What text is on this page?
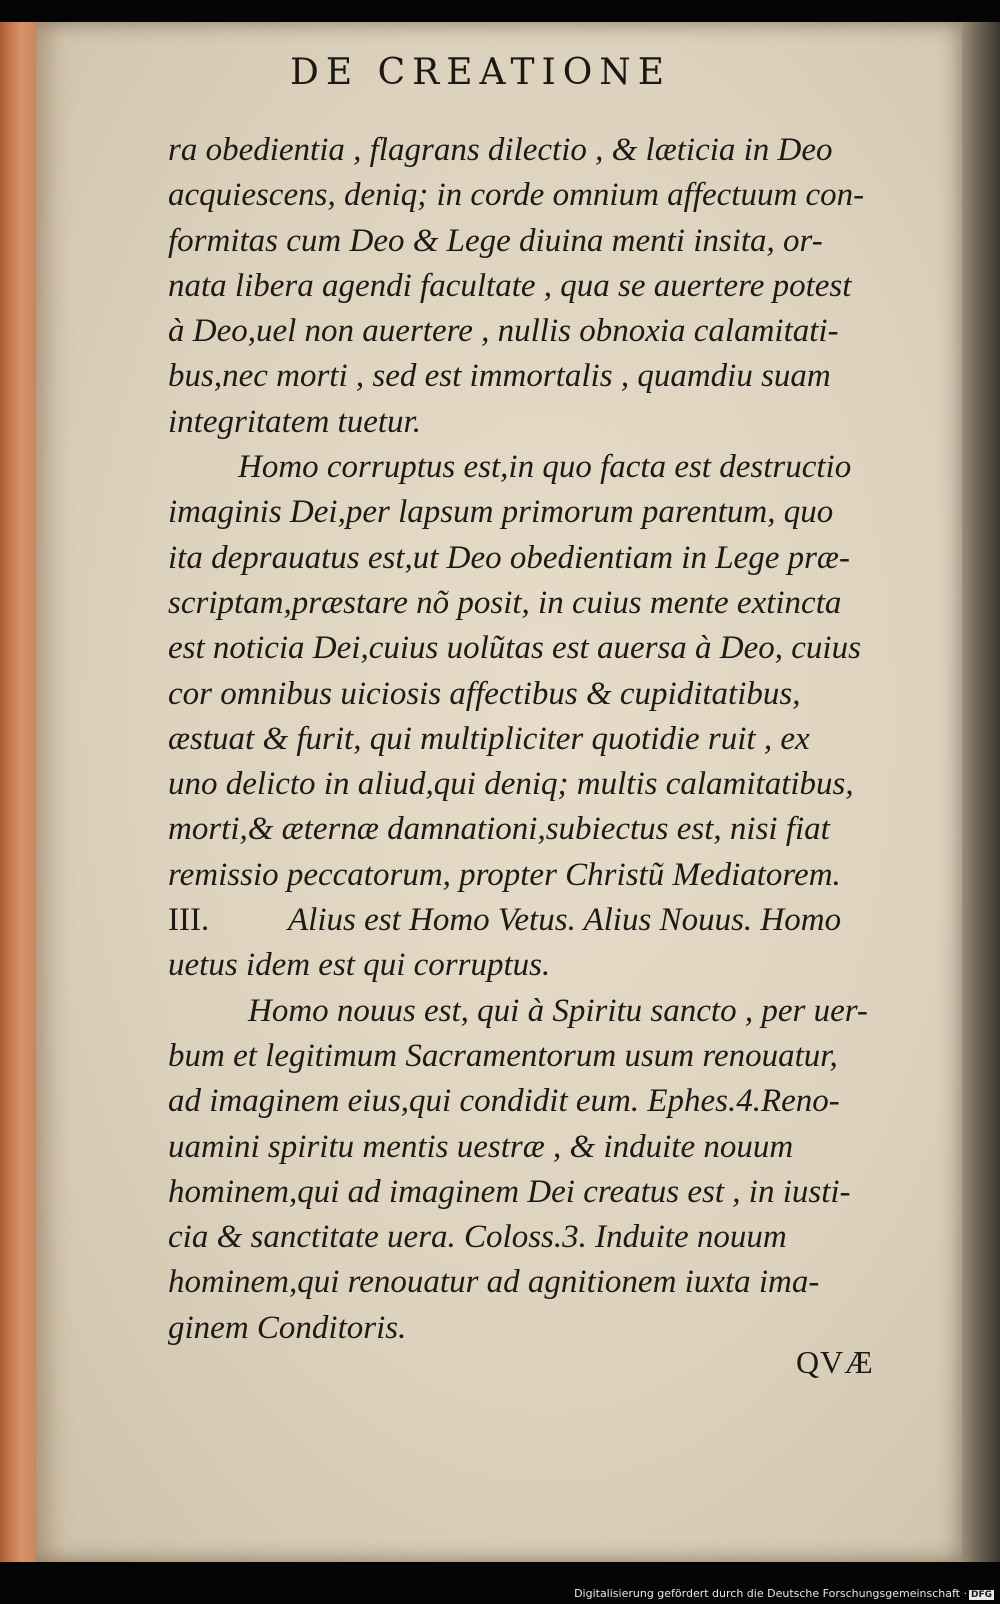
DE CREATIONE
ra obedientia , flagrans dilectio , & lӕticia in Deo
acquiescens, deniq; in corde omnium affectuum con-
formitas cum Deo & Lege diuina menti insita, or-
nata libera agendi facultate , qua se auertere potest
à Deo,uel non auertere , nullis obnoxia calamitati-
bus,nec morti , sed est immortalis , quamdiu suam
integritatem tuetur.
Homo corruptus est,in quo facta est destructio
imaginis Dei,per lapsum primorum parentum, quo
ita deprauatus est,ut Deo obedientiam in Lege prӕ-
scriptam,prӕstare nõ posit, in cuius mente extincta
est noticia Dei,cuius uolũtas est auersa à Deo, cuius
cor omnibus uiciosis affectibus & cupiditatibus,
ӕstuat & furit, qui multipliciter quotidie ruit , ex
uno delicto in aliud,qui deniq; multis calamitatibus,
morti,& ӕternӕ damnationi,subiectus est, nisi fiat
remissio peccatorum, propter Christũ Mediatorem.
III. Alius est Homo Vetus. Alius Nouus. Homo
uetus idem est qui corruptus.
Homo nouus est, qui à Spiritu sancto , per uer-
bum et legitimum Sacramentorum usum renouatur,
ad imaginem eius,qui condidit eum. Ephes.4.Reno-
uamini spiritu mentis uestrӕ , & induite nouum
hominem,qui ad imaginem Dei creatus est , in iusti-
cia & sanctitate uera. Coloss.3. Induite nouum
hominem,qui renouatur ad agnitionem iuxta ima-
ginem Conditoris.
QVÆ
Digitalisierung gefördert durch die Deutsche Forschungsgemeinschaft · DFG
